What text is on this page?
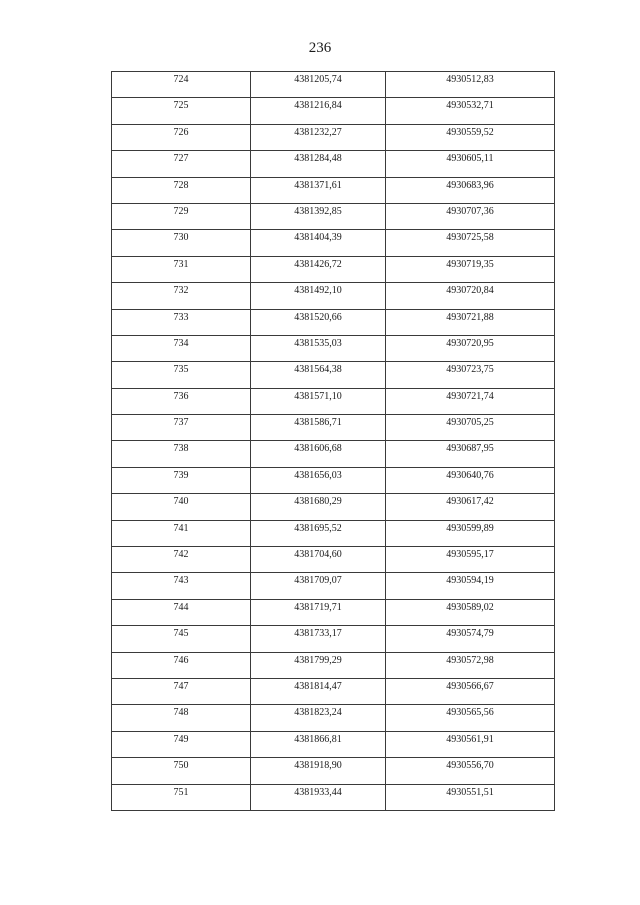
236
724	4381205,74	4930512,83
725	4381216,84	4930532,71
726	4381232,27	4930559,52
727	4381284,48	4930605,11
728	4381371,61	4930683,96
729	4381392,85	4930707,36
730	4381404,39	4930725,58
731	4381426,72	4930719,35
732	4381492,10	4930720,84
733	4381520,66	4930721,88
734	4381535,03	4930720,95
735	4381564,38	4930723,75
736	4381571,10	4930721,74
737	4381586,71	4930705,25
738	4381606,68	4930687,95
739	4381656,03	4930640,76
740	4381680,29	4930617,42
741	4381695,52	4930599,89
742	4381704,60	4930595,17
743	4381709,07	4930594,19
744	4381719,71	4930589,02
745	4381733,17	4930574,79
746	4381799,29	4930572,98
747	4381814,47	4930566,67
748	4381823,24	4930565,56
749	4381866,81	4930561,91
750	4381918,90	4930556,70
751	4381933,44	4930551,51
